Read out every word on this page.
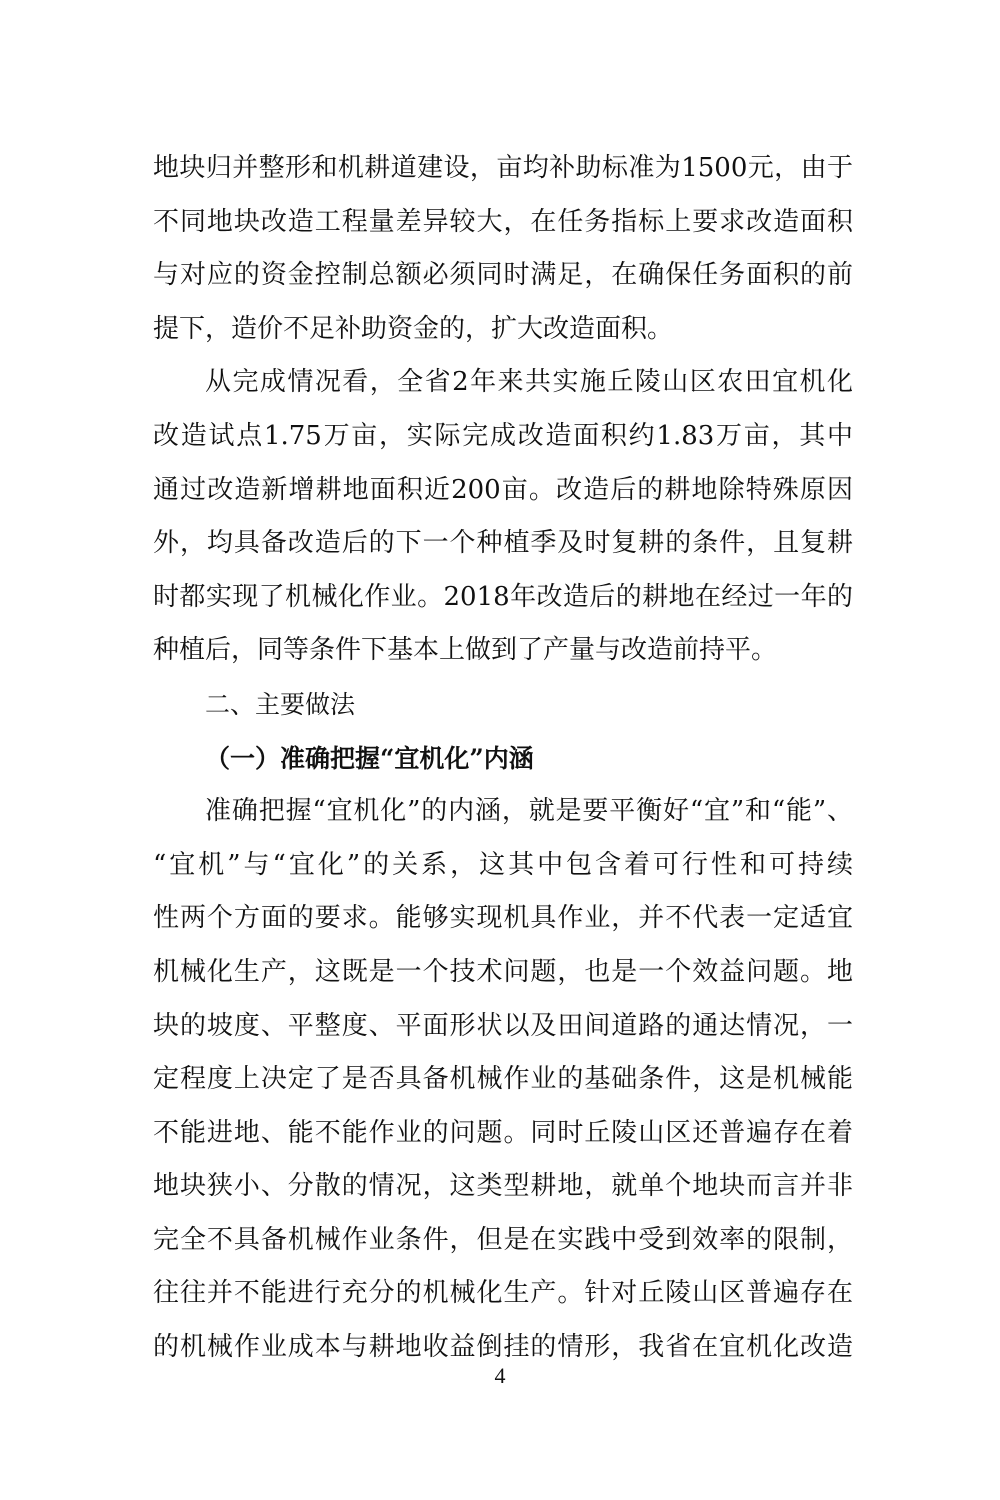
地块归并整形和机耕道建设，亩均补助标准为1500元，由于
不同地块改造工程量差异较大，在任务指标上要求改造面积
与对应的资金控制总额必须同时满足，在确保任务面积的前
提下，造价不足补助资金的，扩大改造面积。
从完成情况看，全省2年来共实施丘陵山区农田宜机化
改造试点1.75万亩，实际完成改造面积约1.83万亩，其中
通过改造新增耕地面积近200亩。改造后的耕地除特殊原因
外，均具备改造后的下一个种植季及时复耕的条件，且复耕
时都实现了机械化作业。2018年改造后的耕地在经过一年的
种植后，同等条件下基本上做到了产量与改造前持平。
二、主要做法
（一）准确把握“宜机化”内涵
准确把握“宜机化”的内涵，就是要平衡好“宜”和“能”、
“宜机”与“宜化”的关系，这其中包含着可行性和可持续
性两个方面的要求。能够实现机具作业，并不代表一定适宜
机械化生产，这既是一个技术问题，也是一个效益问题。地
块的坡度、平整度、平面形状以及田间道路的通达情况，一
定程度上决定了是否具备机械作业的基础条件，这是机械能
不能进地、能不能作业的问题。同时丘陵山区还普遍存在着
地块狭小、分散的情况，这类型耕地，就单个地块而言并非
完全不具备机械作业条件，但是在实践中受到效率的限制，
往往并不能进行充分的机械化生产。针对丘陵山区普遍存在
的机械作业成本与耕地收益倒挂的情形，我省在宜机化改造
4
